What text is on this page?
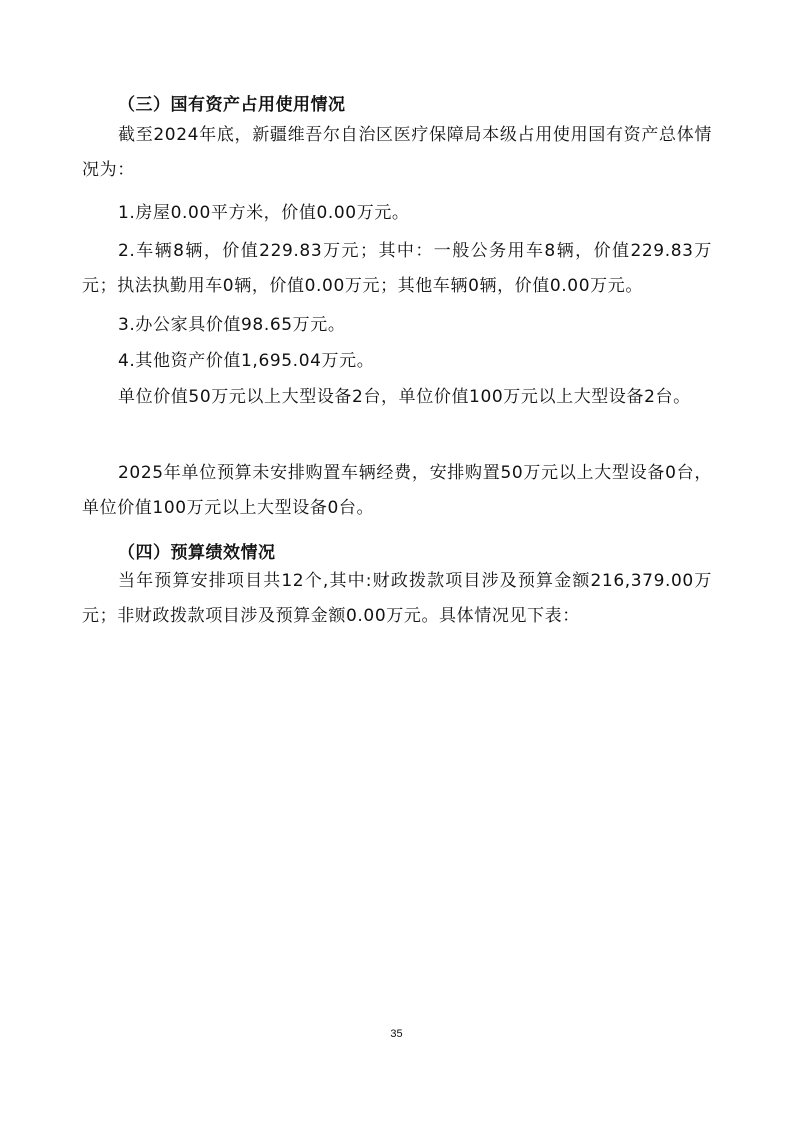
（三）国有资产占用使用情况
截至2024年底，新疆维吾尔自治区医疗保障局本级占用使用国有资产总体情况为：
1.房屋0.00平方米，价值0.00万元。
2.车辆8辆，价值229.83万元；其中：一般公务用车8辆，价值229.83万元；执法执勤用车0辆，价值0.00万元；其他车辆0辆，价值0.00万元。
3.办公家具价值98.65万元。
4.其他资产价值1,695.04万元。
单位价值50万元以上大型设备2台，单位价值100万元以上大型设备2台。
2025年单位预算未安排购置车辆经费，安排购置50万元以上大型设备0台，单位价值100万元以上大型设备0台。
（四）预算绩效情况
当年预算安排项目共12个,其中:财政拨款项目涉及预算金额216,379.00万元；非财政拨款项目涉及预算金额0.00万元。具体情况见下表：
35
